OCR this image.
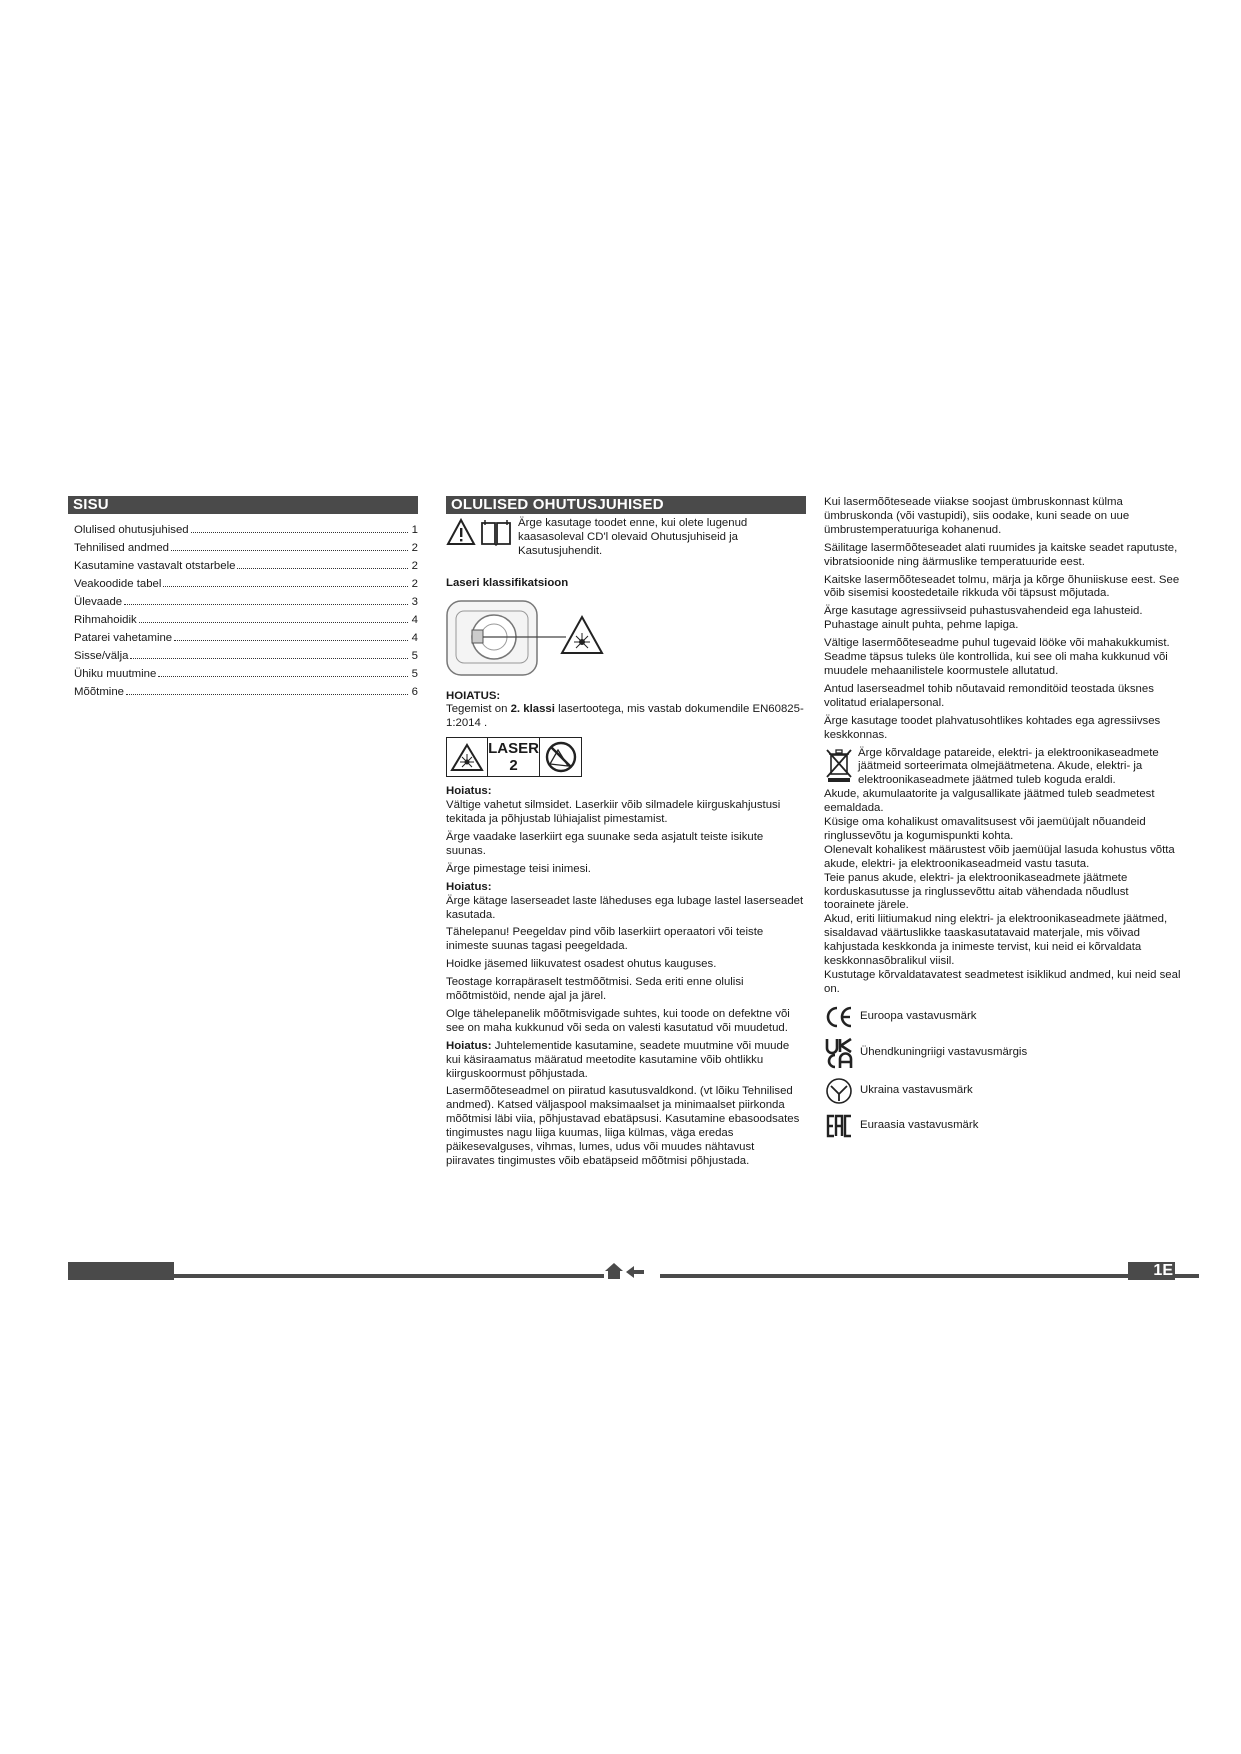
SISU
Olulised ohutusjuhised	1
Tehnilised andmed	2
Kasutamine vastavalt otstarbele	2
Veakoodide tabel	2
Ülevaade	3
Rihmahoidik	4
Patarei vahetamine	4
Sisse/välja	5
Ühiku muutmine	5
Mõõtmine	6
OLULISED OHUTUSJUHISED

Ärge kasutage toodet enne, kui olete lugenud kaasasoleval CD'l olevaid Ohutusjuhiseid ja Kasutusjuhendit.

Laseri klassifikatsioon

HOIATUS:

Tegemist on 2. klassi lasertootega, mis vastab dokumendile EN60825-1:2014 .

LASER
2

Hoiatus:

Vältige vahetut silmsidet. Laserkiir võib silmadele kiirguskahjustusi tekitada ja põhjustab lühiajalist pimestamist.

Ärge vaadake laserkiirt ega suunake seda asjatult teiste isikute suunas.

Ärge pimestage teisi inimesi.

Hoiatus:

Ärge kätage laserseadet laste läheduses ega lubage lastel laserseadet kasutada.

Tähelepanu! Peegeldav pind võib laserkiirt operaatori või teiste inimeste suunas tagasi peegeldada.

Hoidke jäsemed liikuvatest osadest ohutus kauguses.

Teostage korrapäraselt testmõõtmisi. Seda eriti enne olulisi mõõtmistöid, nende ajal ja järel.

Olge tähelepanelik mõõtmisvigade suhtes, kui toode on defektne või see on maha kukkunud või seda on valesti kasutatud või muudetud.

Hoiatus: Juhtelementide kasutamine, seadete muutmine või muude kui käsiraamatus määratud meetodite kasutamine võib ohtlikku kiirguskoormust põhjustada.

Lasermõõteseadmel on piiratud kasutusvaldkond. (vt lõiku Tehnilised andmed). Katsed väljaspool maksimaalset ja minimaalset piirkonda mõõtmisi läbi viia, põhjustavad ebatäpsusi. Kasutamine ebasoodsates tingimustes nagu liiga kuumas, liiga külmas, väga eredas päikesevalguses, vihmas, lumes, udus või muudes nähtavust piiravates tingimustes võib ebatäpseid mõõtmisi põhjustada.

Kui lasermõõteseade viiakse soojast ümbruskonnast külma ümbruskonda (või vastupidi), siis oodake, kuni seade on uue ümbrustemperatuuriga kohanenud.

Säilitage lasermõõteseadet alati ruumides ja kaitske seadet raputuste, vibratsioonide ning äärmuslike temperatuuride eest.

Kaitske lasermõõteseadet tolmu, märja ja kõrge õhuniiskuse eest. See võib sisemisi koostedetaile rikkuda või täpsust mõjutada.

Ärge kasutage agressiivseid puhastusvahendeid ega lahusteid. Puhastage ainult puhta, pehme lapiga.

Vältige lasermõõteseadme puhul tugevaid lööke või mahakukkumist. Seadme täpsus tuleks üle kontrollida, kui see oli maha kukkunud või muudele mehaanilistele koormustele allutatud.

Antud laserseadmel tohib nõutavaid remonditöid teostada üksnes volitatud erialapersonal.

Ärge kasutage toodet plahvatusohtlikes kohtades ega agressiivses keskkonnas.

Ärge kõrvaldage patareide, elektri- ja elektroonikaseadmete jäätmeid sorteerimata olmejäätmetena. Akude, elektri- ja elektroonikaseadmete jäätmed tuleb koguda eraldi.

Akude, akumulaatorite ja valgusallikate jäätmed tuleb seadmetest eemaldada.

Küsige oma kohalikust omavalitsusest või jaemüüjalt nõuandeid ringlussevõtu ja kogumispunkti kohta.

Olenevalt kohalikest määrustest võib jaemüüjal lasuda kohustus võtta akude, elektri- ja elektroonikaseadmeid vastu tasuta.

Teie panus akude, elektri- ja elektroonikaseadmete jäätmete korduskasutusse ja ringlussevõttu aitab vähendada nõudlust toorainete järele.

Akud, eriti liitiumakud ning elektri- ja elektroonikaseadmete jäätmed, sisaldavad väärtuslikke taaskasutatavaid materjale, mis võivad kahjustada keskkonda ja inimeste tervist, kui neid ei kõrvaldata keskkonnasõbralikul viisil.

Kustutage kõrvaldatavatest seadmetest isiklikud andmed, kui neid seal on.

Euroopa vastavusmärk
Ühendkuningriigi vastavusmärgis
Ukraina vastavusmärk
Euraasia vastavusmärk
1E
